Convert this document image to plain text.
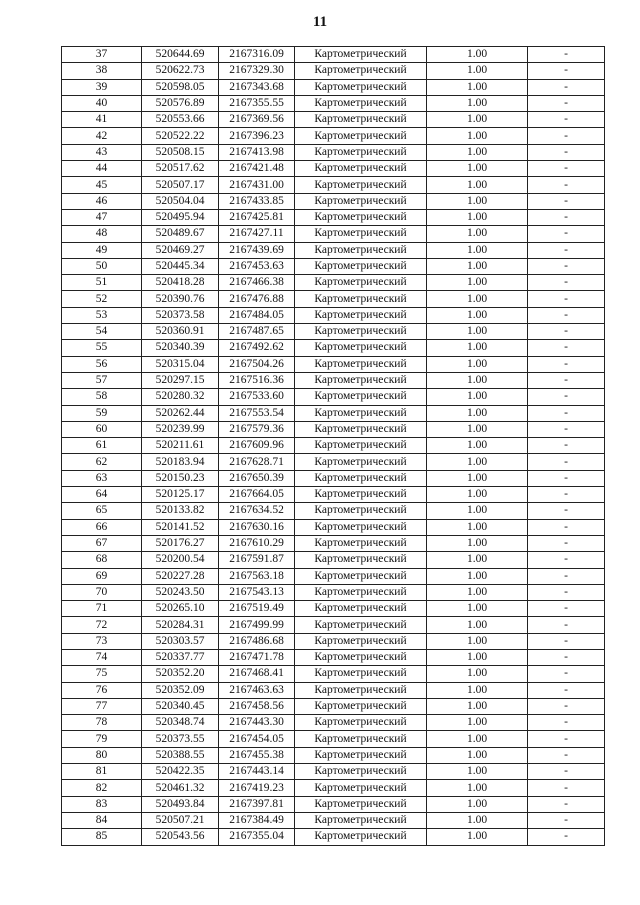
11
37	520644.69	2167316.09	Картометрический	1.00	-
38	520622.73	2167329.30	Картометрический	1.00	-
39	520598.05	2167343.68	Картометрический	1.00	-
40	520576.89	2167355.55	Картометрический	1.00	-
41	520553.66	2167369.56	Картометрический	1.00	-
42	520522.22	2167396.23	Картометрический	1.00	-
43	520508.15	2167413.98	Картометрический	1.00	-
44	520517.62	2167421.48	Картометрический	1.00	-
45	520507.17	2167431.00	Картометрический	1.00	-
46	520504.04	2167433.85	Картометрический	1.00	-
47	520495.94	2167425.81	Картометрический	1.00	-
48	520489.67	2167427.11	Картометрический	1.00	-
49	520469.27	2167439.69	Картометрический	1.00	-
50	520445.34	2167453.63	Картометрический	1.00	-
51	520418.28	2167466.38	Картометрический	1.00	-
52	520390.76	2167476.88	Картометрический	1.00	-
53	520373.58	2167484.05	Картометрический	1.00	-
54	520360.91	2167487.65	Картометрический	1.00	-
55	520340.39	2167492.62	Картометрический	1.00	-
56	520315.04	2167504.26	Картометрический	1.00	-
57	520297.15	2167516.36	Картометрический	1.00	-
58	520280.32	2167533.60	Картометрический	1.00	-
59	520262.44	2167553.54	Картометрический	1.00	-
60	520239.99	2167579.36	Картометрический	1.00	-
61	520211.61	2167609.96	Картометрический	1.00	-
62	520183.94	2167628.71	Картометрический	1.00	-
63	520150.23	2167650.39	Картометрический	1.00	-
64	520125.17	2167664.05	Картометрический	1.00	-
65	520133.82	2167634.52	Картометрический	1.00	-
66	520141.52	2167630.16	Картометрический	1.00	-
67	520176.27	2167610.29	Картометрический	1.00	-
68	520200.54	2167591.87	Картометрический	1.00	-
69	520227.28	2167563.18	Картометрический	1.00	-
70	520243.50	2167543.13	Картометрический	1.00	-
71	520265.10	2167519.49	Картометрический	1.00	-
72	520284.31	2167499.99	Картометрический	1.00	-
73	520303.57	2167486.68	Картометрический	1.00	-
74	520337.77	2167471.78	Картометрический	1.00	-
75	520352.20	2167468.41	Картометрический	1.00	-
76	520352.09	2167463.63	Картометрический	1.00	-
77	520340.45	2167458.56	Картометрический	1.00	-
78	520348.74	2167443.30	Картометрический	1.00	-
79	520373.55	2167454.05	Картометрический	1.00	-
80	520388.55	2167455.38	Картометрический	1.00	-
81	520422.35	2167443.14	Картометрический	1.00	-
82	520461.32	2167419.23	Картометрический	1.00	-
83	520493.84	2167397.81	Картометрический	1.00	-
84	520507.21	2167384.49	Картометрический	1.00	-
85	520543.56	2167355.04	Картометрический	1.00	-
